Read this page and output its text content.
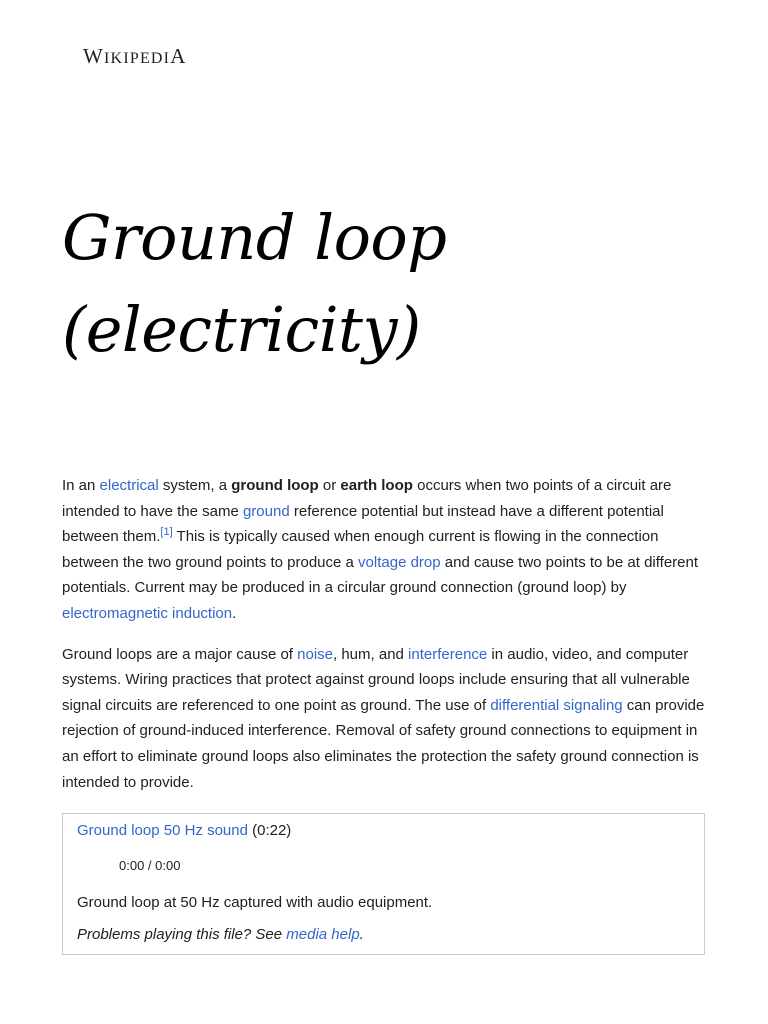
WIKIPEDIA
Ground loop (electricity)

In an electrical system, a ground loop or earth loop occurs when two points of a circuit are intended to have the same ground reference potential but instead have a different potential between them.[1] This is typically caused when enough current is flowing in the connection between the two ground points to produce a voltage drop and cause two points to be at different potentials. Current may be produced in a circular ground connection (ground loop) by electromagnetic induction.

Ground loops are a major cause of noise, hum, and interference in audio, video, and computer systems. Wiring practices that protect against ground loops include ensuring that all vulnerable signal circuits are referenced to one point as ground. The use of differential signaling can provide rejection of ground-induced interference. Removal of safety ground connections to equipment in an effort to eliminate ground loops also eliminates the protection the safety ground connection is intended to provide.

Ground loop 50 Hz sound (0:22)
0:00 / 0:00
Ground loop at 50 Hz captured with audio equipment.
Problems playing this file? See media help.
